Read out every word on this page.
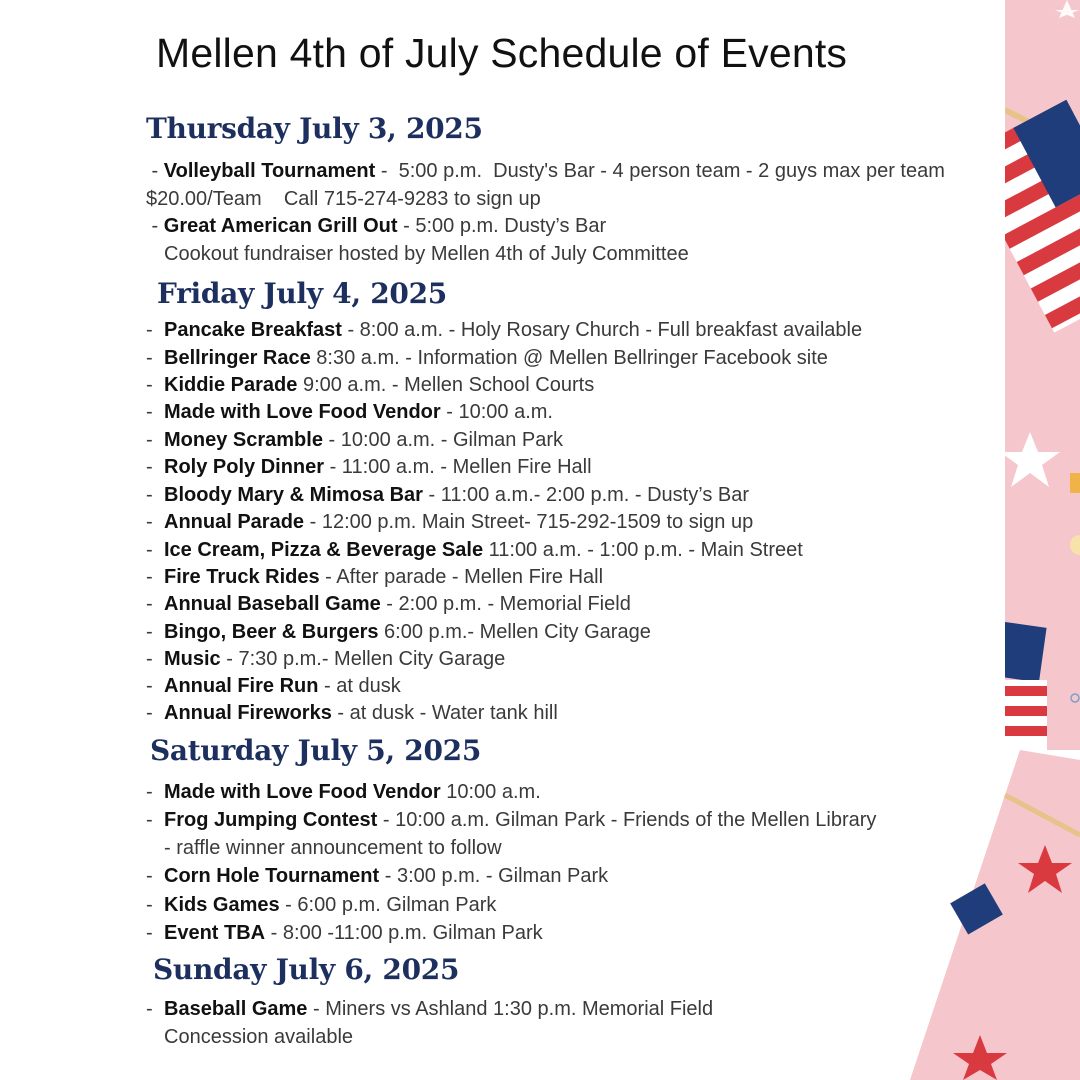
Mellen 4th of July Schedule of Events
Thursday July 3, 2025
- Volleyball Tournament -  5:00 p.m.  Dusty's Bar - 4 person team - 2 guys max per team
$20.00/Team    Call 715-274-9283 to sign up
- Great American Grill Out - 5:00 p.m. Dusty’s Bar
Cookout fundraiser hosted by Mellen 4th of July Committee
Friday July 4, 2025
- Pancake Breakfast - 8:00 a.m. - Holy Rosary Church - Full breakfast available
- Bellringer Race 8:30 a.m. - Information @ Mellen Bellringer Facebook site
- Kiddie Parade 9:00 a.m. - Mellen School Courts
- Made with Love Food Vendor - 10:00 a.m.
- Money Scramble - 10:00 a.m. - Gilman Park
- Roly Poly Dinner - 11:00 a.m. - Mellen Fire Hall
- Bloody Mary & Mimosa Bar - 11:00 a.m.- 2:00 p.m. - Dusty’s Bar
- Annual Parade - 12:00 p.m. Main Street- 715-292-1509 to sign up
- Ice Cream, Pizza & Beverage Sale 11:00 a.m. - 1:00 p.m. - Main Street
- Fire Truck Rides - After parade - Mellen Fire Hall
- Annual Baseball Game - 2:00 p.m. - Memorial Field
- Bingo, Beer & Burgers 6:00 p.m.- Mellen City Garage
- Music - 7:30 p.m.- Mellen City Garage
- Annual Fire Run - at dusk
- Annual Fireworks - at dusk - Water tank hill
Saturday July 5, 2025
- Made with Love Food Vendor 10:00 a.m.
- Frog Jumping Contest - 10:00 a.m. Gilman Park - Friends of the Mellen Library
- raffle winner announcement to follow
- Corn Hole Tournament - 3:00 p.m. - Gilman Park
- Kids Games - 6:00 p.m. Gilman Park
- Event TBA - 8:00 -11:00 p.m. Gilman Park
Sunday July 6, 2025
- Baseball Game - Miners vs Ashland 1:30 p.m. Memorial Field
Concession available
